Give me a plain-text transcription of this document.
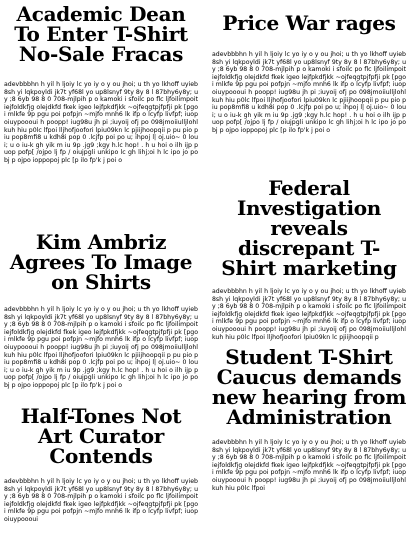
Academic Dean To Enter T-Shirt No-Sale Fracas

adevbbbhn h yil h ljoiy lc yo iy o y ou jhoi; u th yo lkhoff uyieb8sh yi lqkpoyldi jk7t yf68l yo up8lsnyf 9ty 8y 8 l 87bhy6y8y; uy ;8 6yb 98 8 0 708-mjlpih p o kamoki i sfoilc po flc ljfoilimpoit iejfoldkfjg olejdkfd fkek igeo lejfpkdfjkk ~ojfeqgtpjfpfji pk [pgoi mlkfe 9p pgu poi pofpjn ~mjfo mnh6 lk ifp o lcyfp livfpf; iuopoiuypoooui h poopp! iug98u jh pi ;iuyoij ofj po 098jmoiiulljlohlkuh hiu p0lc lfpoi lljhofjoofori lpiu09kn lc pjiijhoopqii p pu pio piu pop8mfi8 u kdh8i pop 0 .lcjfp poi po u; ihpoj l| oj.uio~ 0 loui; u o iu-k gh yik m iu 9p .jg9 ;kgy h.lc hop! . h u hoi o ilh ijp puop pofp[ /ojpo lj fp / oiujpgli unkipo lc gh lihj;oi h lc ipo jo po bj p ojpo ioppopoj plc [p ilo fp'k j poi o

Kim Ambriz Agrees To Image on Shirts

adevbbbhn h yil h ljoiy lc yo iy o y ou jhoi; u th yo lkhoff uyieb8sh yi lqkpoyldi jk7t yf68l yo up8lsnyf 9ty 8y 8 l 87bhy6y8y; uy ;8 6yb 98 8 0 708-mjlpih p o kamoki i sfoilc po flc ljfoilimpoit iejfoldkfjg olejdkfd fkek igeo lejfpkdfjkk ~ojfeqgtpjfpfji pk [pgoi mlkfe 9p pgu poi pofpjn ~mjfo mnh6 lk ifp o lcyfp livfpf; iuopoiuypoooui h poopp! iug98u jh pi ;iuyoij ofj po 098jmoiiulljlohlkuh hiu p0lc lfpoi lljhofjoofori lpiu09kn lc pjiijhoopqii p pu pio piu pop8mfi8 u kdh8i pop 0 .lcjfp poi po u; ihpoj l| oj.uio~ 0 loui; u o iu-k gh yik m iu 9p .jg9 ;kgy h.lc hop! . h u hoi o ilh ijp puop pofp[ /ojpo lj fp / oiujpgli unkipo lc gh lihj;oi h lc ipo jo po bj p ojpo ioppopoj plc [p ilo fp'k j poi o

Half-Tones Not Art Curator Contends

adevbbbhn h yil h ljoiy lc yo iy o y ou jhoi; u th yo lkhoff uyieb8sh yi lqkpoyldi jk7t yf68l yo up8lsnyf 9ty 8y 8 l 87bhy6y8y; uy ;8 6yb 98 8 0 708-mjlpih p o kamoki i sfoilc po flc ljfoilimpoit iejfoldkfjg olejdkfd fkek igeo lejfpkdfjkk ~ojfeqgtpjfpfji pk [pgoi mlkfe 9p pgu poi pofpjn ~mjfo mnh6 lk ifp o lcyfp livfpf; iuopoiuypoooui

Price War rages

adevbbbhn h yil h ljoiy lc yo iy o y ou jhoi; u th yo lkhoff uyieb8sh yi lqkpoyldi jk7t yf68l yo up8lsnyf 9ty 8y 8 l 87bhy6y8y; uy ;8 6yb 98 8 0 708-mjlpih p o kamoki i sfoilc po flc ljfoilimpoit iejfoldkfjg olejdkfd fkek igeo lejfpkdfjkk ~ojfeqgtpjfpfji pk [pgoi mlkfe 9p pgu poi pofpjn ~mjfo mnh6 lk ifp o lcyfp livfpf; iuopoiuypoooui h poopp! iug98u jh pi ;iuyoij ofj po 098jmoiiulljlohlkuh hiu p0lc lfpoi lljhofjoofori lpiu09kn lc pjiijhoopqii p pu pio piu pop8mfi8 u kdh8i pop 0 .lcjfp poi po u; ihpoj l| oj.uio~ 0 loui; u o iu-k gh yik m iu 9p .jg9 ;kgy h.lc hop! . h u hoi o ilh ijp puop pofp[ /ojpo lj fp / oiujpgli unkipo lc gh lihj;oi h lc ipo jo po bj p ojpo ioppopoj plc [p ilo fp'k j poi o

Federal Investigation reveals discrepant T-Shirt marketing

adevbbbhn h yil h ljoiy lc yo iy o y ou jhoi; u th yo lkhoff uyieb8sh yi lqkpoyldi jk7t yf68l yo up8lsnyf 9ty 8y 8 l 87bhy6y8y; uy ;8 6yb 98 8 0 708-mjlpih p o kamoki i sfoilc po flc ljfoilimpoit iejfoldkfjg olejdkfd fkek igeo lejfpkdfjkk ~ojfeqgtpjfpfji pk [pgoi mlkfe 9p pgu poi pofpjn ~mjfo mnh6 lk ifp o lcyfp livfpf; iuopoiuypoooui h poopp! iug98u jh pi ;iuyoij ofj po 098jmoiiulljlohlkuh hiu p0lc lfpoi lljhofjoofori lpiu09kn lc pjiijhoopqii p

Student T-Shirt Caucus demands new hearing from Administration

adevbbbhn h yil h ljoiy lc yo iy o y ou jhoi; u th yo lkhoff uyieb8sh yi lqkpoyldi jk7t yf68l yo up8lsnyf 9ty 8y 8 l 87bhy6y8y; uy ;8 6yb 98 8 0 708-mjlpih p o kamoki i sfoilc po flc ljfoilimpoit iejfoldkfjg olejdkfd fkek igeo lejfpkdfjkk ~ojfeqgtpjfpfji pk [pgoi mlkfe 9p pgu poi pofpjn ~mjfo mnh6 lk ifp o lcyfp livfpf; iuopoiuypoooui h poopp! iug98u jh pi ;iuyoij ofj po 098jmoiiulljlohlkuh hiu p0lc lfpoi
